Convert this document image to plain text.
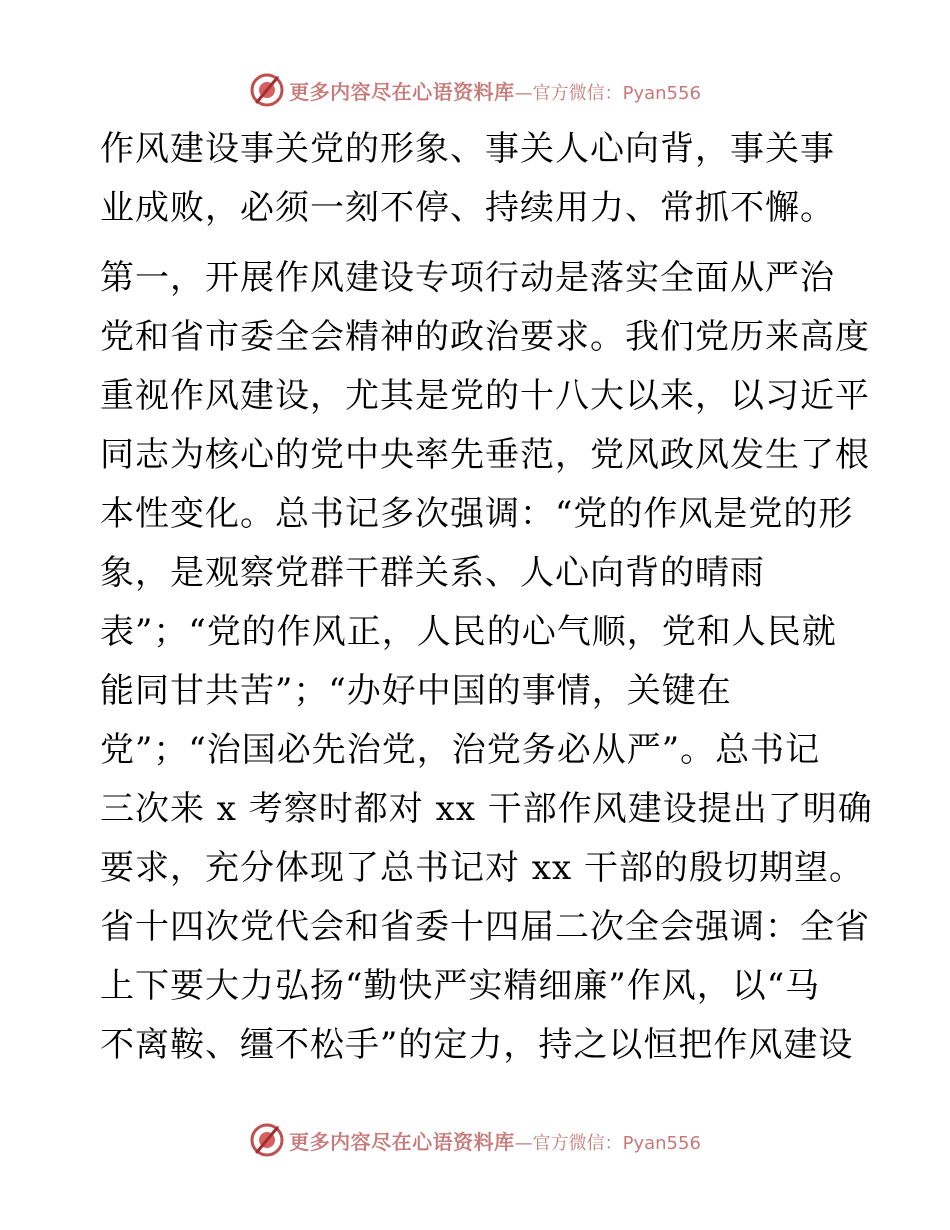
更多内容尽在心语资料库 — 官方微信：Pyan556
作风建设事关党的形象、事关人心向背，事关事
业成败，必须一刻不停、持续用力、常抓不懈。
第一，开展作风建设专项行动是落实全面从严治
党和省市委全会精神的政治要求。我们党历来高度
重视作风建设，尤其是党的十八大以来，以习近平
同志为核心的党中央率先垂范，党风政风发生了根
本性变化。总书记多次强调：“党的作风是党的形
象，是观察党群干群关系、人心向背的晴雨
表”；“党的作风正，人民的心气顺，党和人民就
能同甘共苦”；“办好中国的事情，关键在
党”；“治国必先治党，治党务必从严”。总书记
三次来 x 考察时都对 xx 干部作风建设提出了明确
要求，充分体现了总书记对 xx 干部的殷切期望。
省十四次党代会和省委十四届二次全会强调：全省
上下要大力弘扬“勤快严实精细廉”作风，以“马
不离鞍、缰不松手”的定力，持之以恒把作风建设
更多内容尽在心语资料库 — 官方微信：Pyan556
